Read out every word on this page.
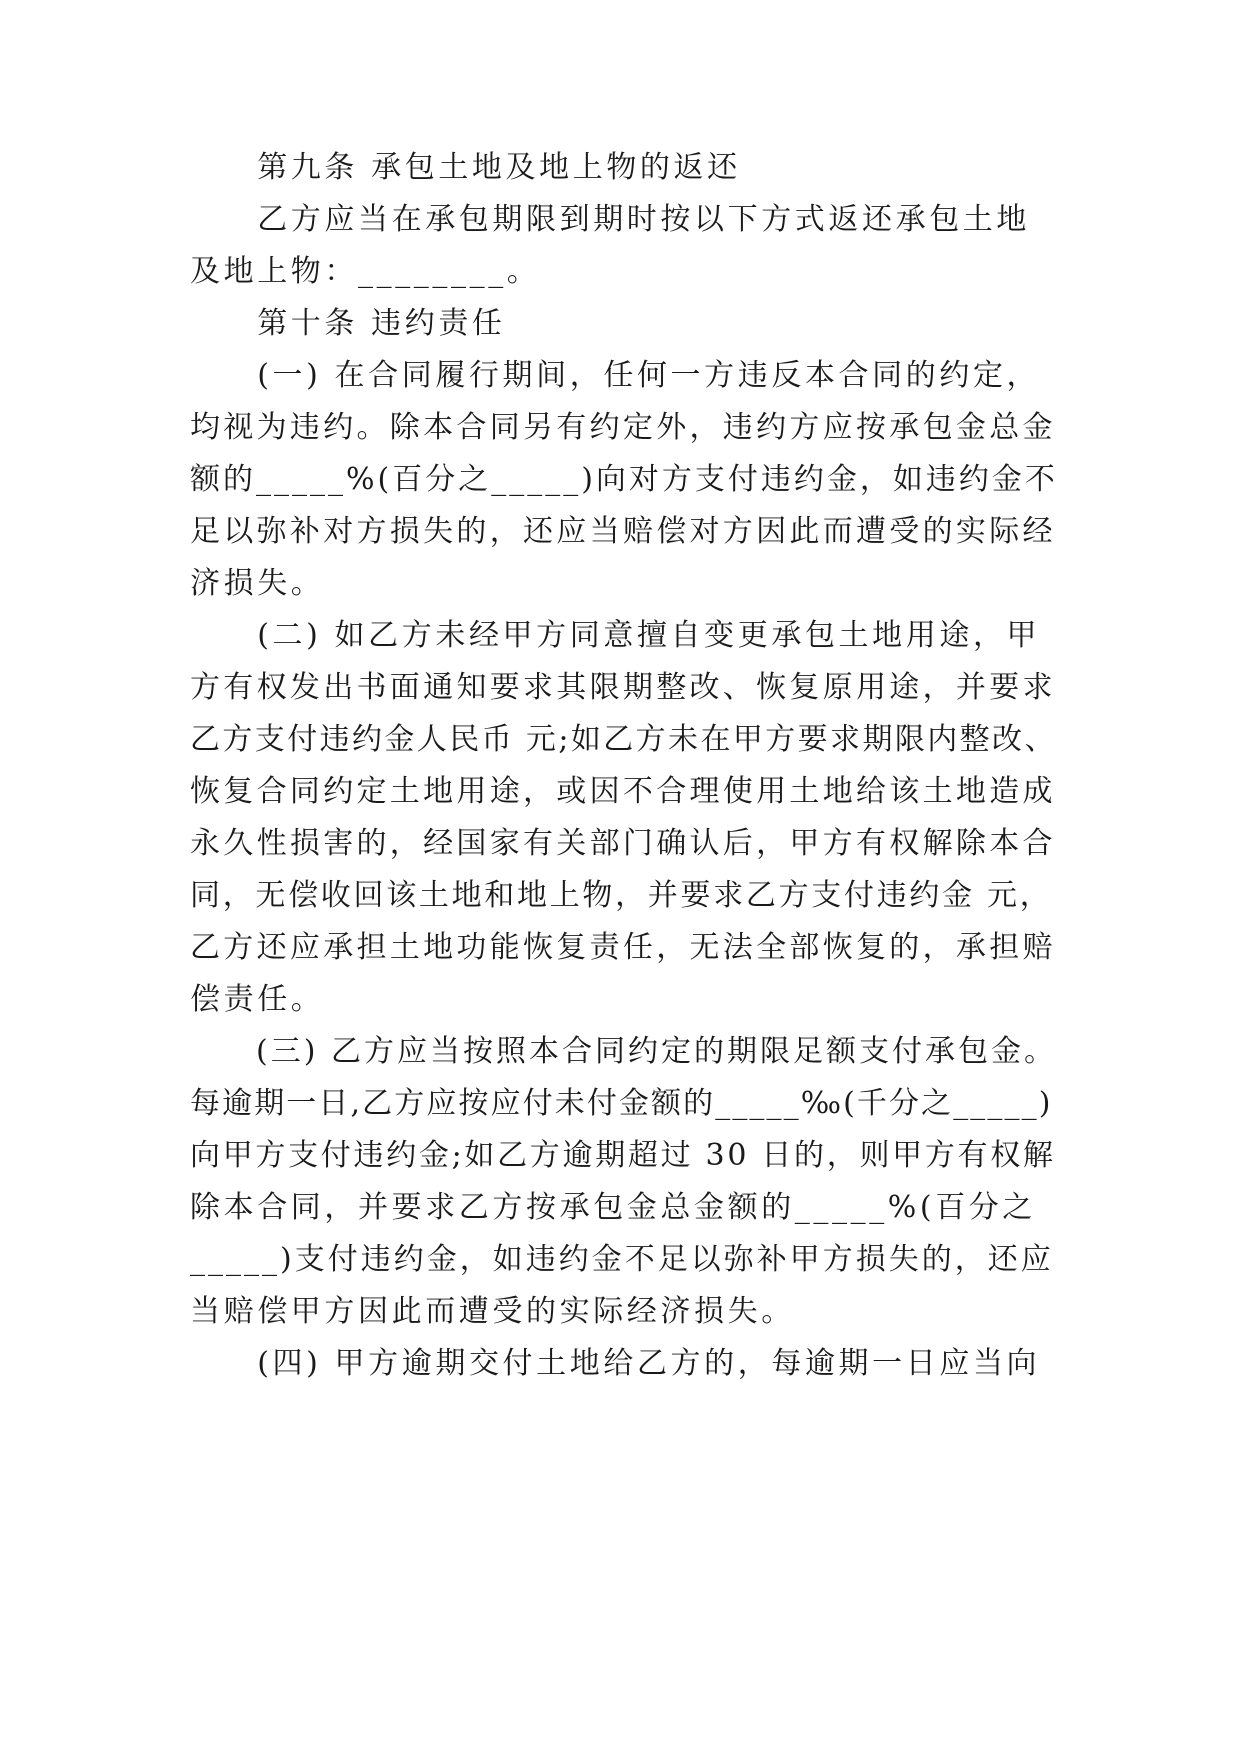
　　第九条 承包土地及地上物的返还
　　乙方应当在承包期限到期时按以下方式返还承包土地
及地上物：________。
　　第十条 违约责任
　　(一) 在合同履行期间，任何一方违反本合同的约定，
均视为违约。除本合同另有约定外，违约方应按承包金总金
额的_____%(百分之_____)向对方支付违约金，如违约金不
足以弥补对方损失的，还应当赔偿对方因此而遭受的实际经
济损失。
　　(二) 如乙方未经甲方同意擅自变更承包土地用途，甲
方有权发出书面通知要求其限期整改、恢复原用途，并要求
乙方支付违约金人民币 元;如乙方未在甲方要求期限内整改、
恢复合同约定土地用途，或因不合理使用土地给该土地造成
永久性损害的，经国家有关部门确认后，甲方有权解除本合
同，无偿收回该土地和地上物，并要求乙方支付违约金 元，
乙方还应承担土地功能恢复责任，无法全部恢复的，承担赔
偿责任。
　　(三) 乙方应当按照本合同约定的期限足额支付承包金。
每逾期一日,乙方应按应付未付金额的_____‰(千分之_____)
向甲方支付违约金;如乙方逾期超过 30 日的，则甲方有权解
除本合同，并要求乙方按承包金总金额的_____%(百分之
_____)支付违约金，如违约金不足以弥补甲方损失的，还应
当赔偿甲方因此而遭受的实际经济损失。
　　(四) 甲方逾期交付土地给乙方的，每逾期一日应当向
